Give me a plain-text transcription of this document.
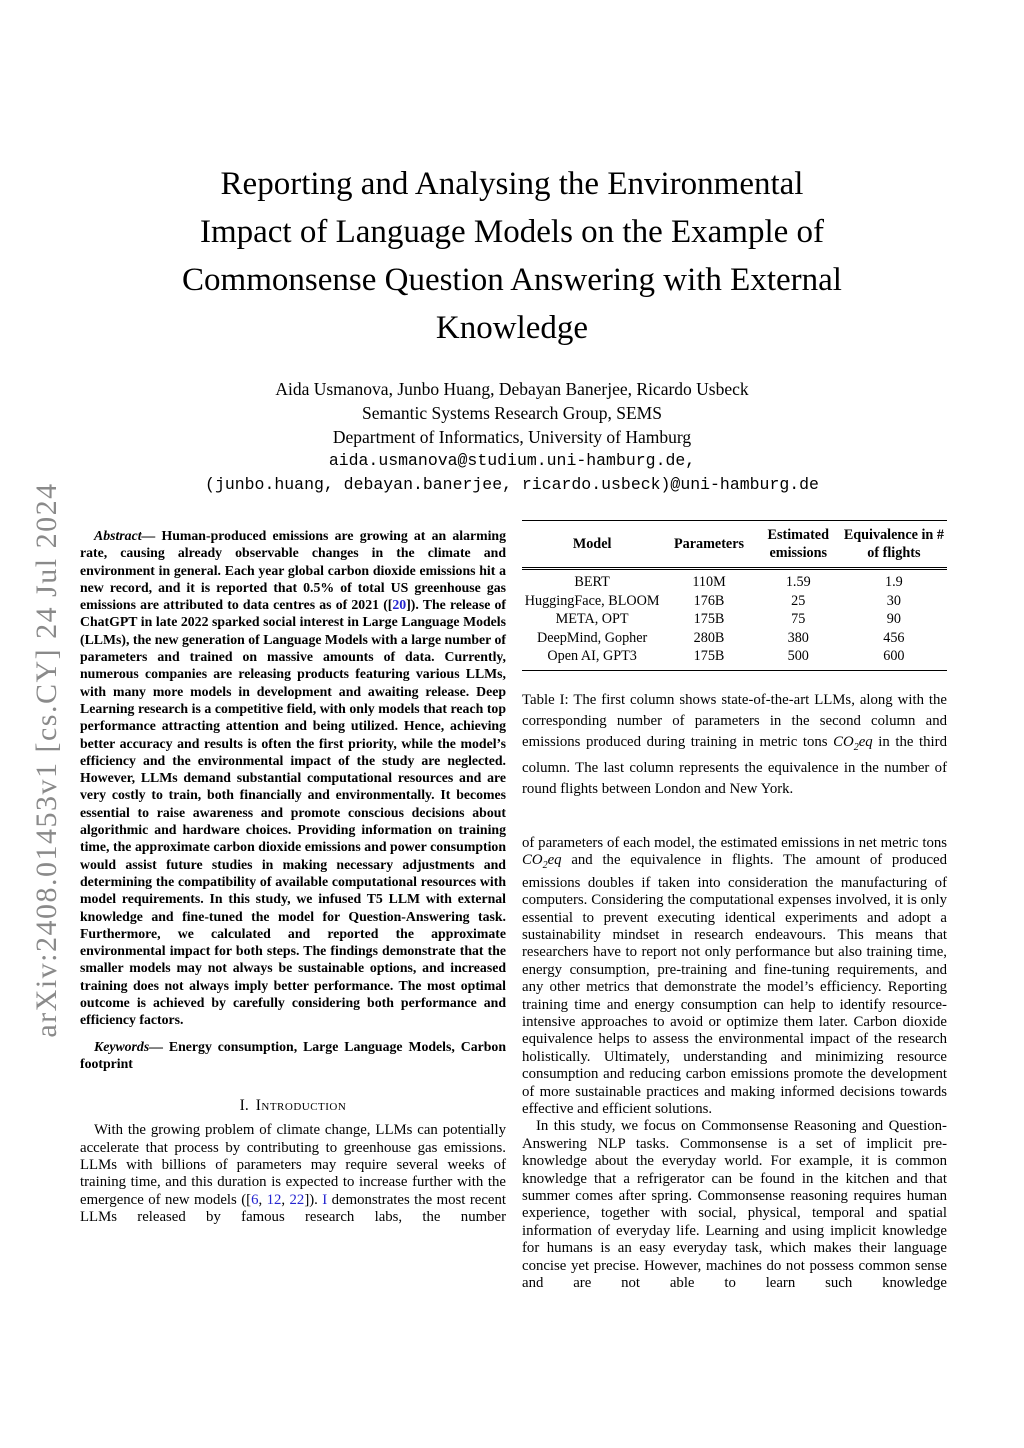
arXiv:2408.01453v1 [cs.CY] 24 Jul 2024
Reporting and Analysing the Environmental
Impact of Language Models on the Example of
Commonsense Question Answering with External
Knowledge
Aida Usmanova, Junbo Huang, Debayan Banerjee, Ricardo Usbeck
Semantic Systems Research Group, SEMS
Department of Informatics, University of Hamburg
aida.usmanova@studium.uni-hamburg.de,
(junbo.huang, debayan.banerjee, ricardo.usbeck)@uni-hamburg.de

Abstract— Human-produced emissions are growing at an alarming rate, causing already observable changes in the climate and environment in general. Each year global carbon dioxide emissions hit a new record, and it is reported that 0.5% of total US greenhouse gas emissions are attributed to data centres as of 2021 ([20]). The release of ChatGPT in late 2022 sparked social interest in Large Language Models (LLMs), the new generation of Language Models with a large number of parameters and trained on massive amounts of data. Currently, numerous companies are releasing products featuring various LLMs, with many more models in development and awaiting release. Deep Learning research is a competitive field, with only models that reach top performance attracting attention and being utilized. Hence, achieving better accuracy and results is often the first priority, while the model’s efficiency and the environmental impact of the study are neglected. However, LLMs demand substantial computational resources and are very costly to train, both financially and environmentally. It becomes essential to raise awareness and promote conscious decisions about algorithmic and hardware choices. Providing information on training time, the approximate carbon dioxide emissions and power consumption would assist future studies in making necessary adjustments and determining the compatibility of available computational resources with model requirements. In this study, we infused T5 LLM with external knowledge and fine-tuned the model for Question-Answering task. Furthermore, we calculated and reported the approximate environmental impact for both steps. The findings demonstrate that the smaller models may not always be sustainable options, and increased training does not always imply better performance. The most optimal outcome is achieved by carefully considering both performance and efficiency factors.

Keywords— Energy consumption, Large Language Models, Carbon footprint

I. Introduction

With the growing problem of climate change, LLMs can potentially accelerate that process by contributing to greenhouse gas emissions. LLMs with billions of parameters may require several weeks of training time, and this duration is expected to increase further with the emergence of new models ([6, 12, 22]). I demonstrates the most recent LLMs released by famous research labs, the number

Model	Parameters	Estimated emissions	Equivalence in # of flights
BERT	110M	1.59	1.9
HuggingFace, BLOOM	176B	25	30
META, OPT	175B	75	90
DeepMind, Gopher	280B	380	456
Open AI, GPT3	175B	500	600

Table I: The first column shows state-of-the-art LLMs, along with the corresponding number of parameters in the second column and emissions produced during training in metric tons $CO_2eq$ in the third column. The last column represents the equivalence in the number of round flights between London and New York.

of parameters of each model, the estimated emissions in net metric tons $CO_2eq$ and the equivalence in flights. The amount of produced emissions doubles if taken into consideration the manufacturing of computers. Considering the computational expenses involved, it is only essential to prevent executing identical experiments and adopt a sustainability mindset in research endeavours. This means that researchers have to report not only performance but also training time, energy consumption, pre-training and fine-tuning requirements, and any other metrics that demonstrate the model’s efficiency. Reporting training time and energy consumption can help to identify resource-intensive approaches to avoid or optimize them later. Carbon dioxide equivalence helps to assess the environmental impact of the research holistically. Ultimately, understanding and minimizing resource consumption and reducing carbon emissions promote the development of more sustainable practices and making informed decisions towards effective and efficient solutions.

In this study, we focus on Commonsense Reasoning and Question-Answering NLP tasks. Commonsense is a set of implicit pre-knowledge about the everyday world. For example, it is common knowledge that a refrigerator can be found in the kitchen and that summer comes after spring. Commonsense reasoning requires human experience, together with social, physical, temporal and spatial information of everyday life. Learning and using implicit knowledge for humans is an easy everyday task, which makes their language concise yet precise. However, machines do not possess common sense and are not able to learn such knowledge
